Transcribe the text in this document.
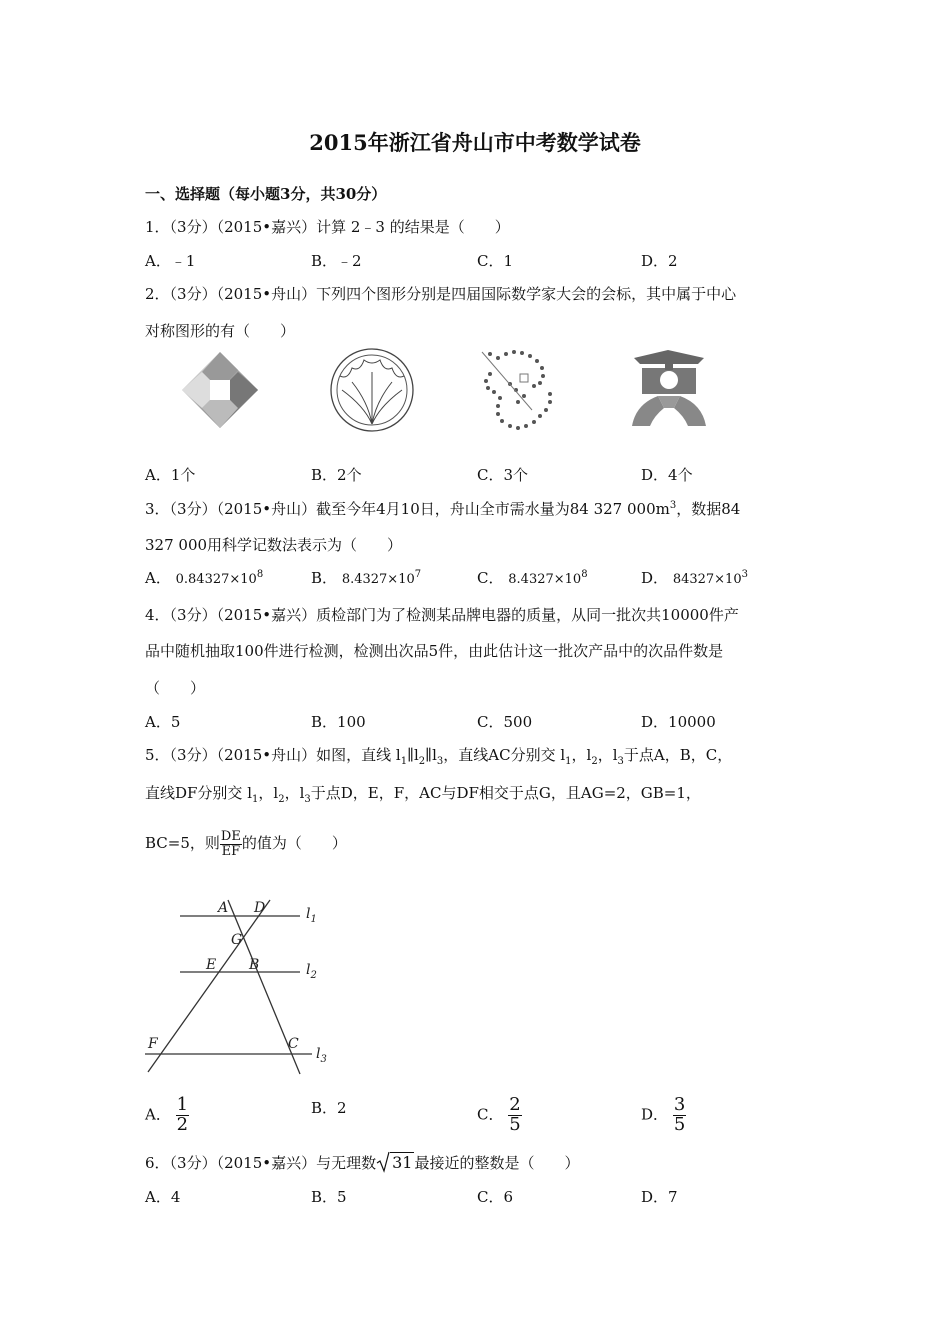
2015年浙江省舟山市中考数学试卷
一、选择题（每小题3分，共30分）
1．（3分）（2015•嘉兴）计算 2﹣3 的结果是（　　）
A．﹣1	B．﹣2	C．1	D．2
2．（3分）（2015•舟山）下列四个图形分别是四届国际数学家大会的会标，其中属于中心
对称图形的有（　　）
A．1个	B．2个	C．3个	D．4个
3．（3分）（2015•舟山）截至今年4月10日，舟山全市需水量为84 327 $000m^3$，数据84
327 000用科学记数法表示为（　　）
A． $0.84327\times 10^8$	B． $8.4327\times 10^7$	C． $8.4327\times 10^8$	D． $84327\times 10^3$
4．（3分）（2015•嘉兴）质检部门为了检测某品牌电器的质量，从同一批次共10000件产
品中随机抽取100件进行检测，检测出次品5件，由此估计这一批次产品中的次品件数是
（　　）
A．5	B．100	C．500	D．10000
5．（3分）（2015•舟山）如图，直线 $l_1\parallel l_2\parallel l_3$，直线AC分别交 $l_1$，$l_2$，$l_3$于点A，B，C，
直线DF分别交 $l_1$，$l_2$，$l_3$于点D，E，F，AC与DF相交于点G，且AG=2，GB=1，
BC=5，则 $\frac{DE}{EF}$ 的值为（　　）
A D
G
E B
F	C
$l_1$
$l_2$
$l_3$
A． $\frac{1}{2}$	B．2	C． $\frac{2}{5}$	D． $\frac{3}{5}$
6．（3分）（2015•嘉兴）与无理数 31 最接近的整数是（　　）
A．4	B．5	C．6	D．7
